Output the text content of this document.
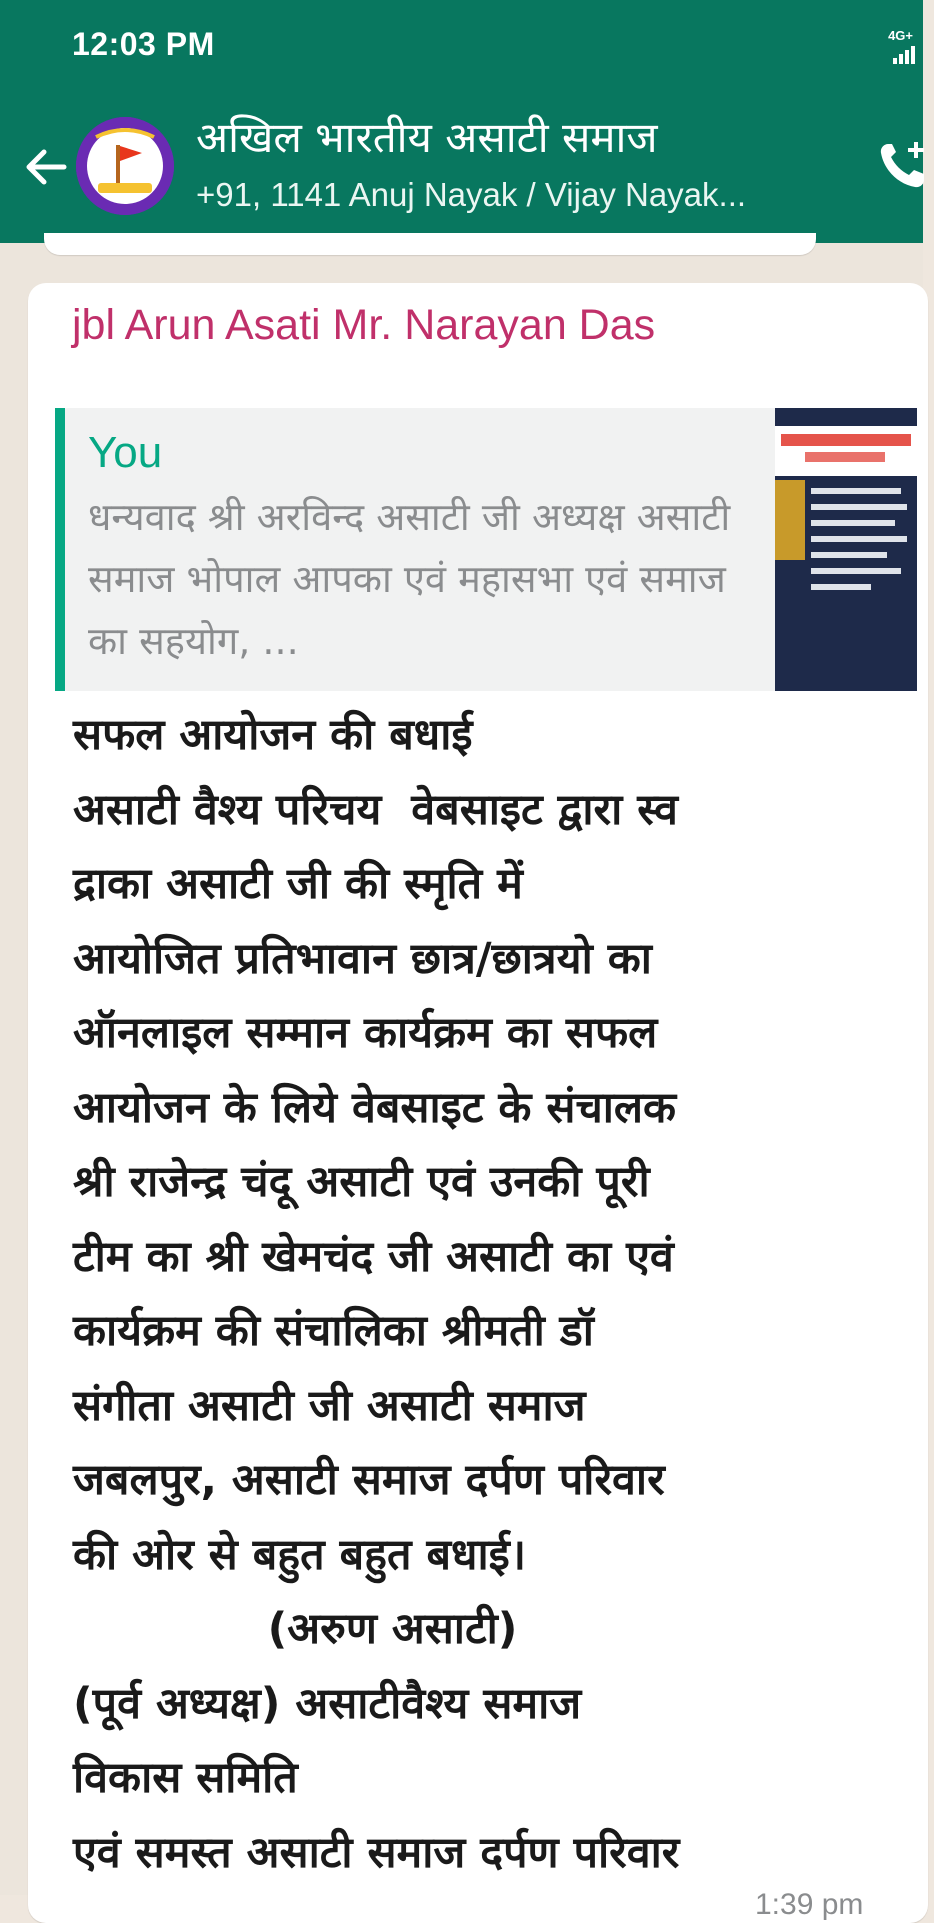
12:03 PM	4G+
अखिल भारतीय असाटी समाज
+91, 1141 Anuj Nayak / Vijay Nayak...
jbl Arun Asati Mr. Narayan Das
You
धन्यवाद श्री अरविन्द असाटी जी अध्यक्ष असाटी समाज भोपाल आपका एवं महासभा एवं समाज का सहयोग, ...
सफल आयोजन की बधाई
असाटी वैश्य परिचय  वेबसाइट द्वारा स्व
द्राका असाटी जी की स्मृति में
आयोजित प्रतिभावान छात्र/छात्रयो का
ऑनलाइल सम्मान कार्यक्रम का सफल
आयोजन के लिये वेबसाइट के संचालक
श्री राजेन्द्र चंदू असाटी एवं उनकी पूरी
टीम का श्री खेमचंद जी असाटी का एवं
कार्यक्रम की संचालिका श्रीमती डॉ
संगीता असाटी जी असाटी समाज
जबलपुर, असाटी समाज दर्पण परिवार
की ओर से बहुत बहुत बधाई।
(अरुण असाटी)
(पूर्व अध्यक्ष) असाटीवैश्य समाज
विकास समिति
एवं समस्त असाटी समाज दर्पण परिवार
1:39 pm
